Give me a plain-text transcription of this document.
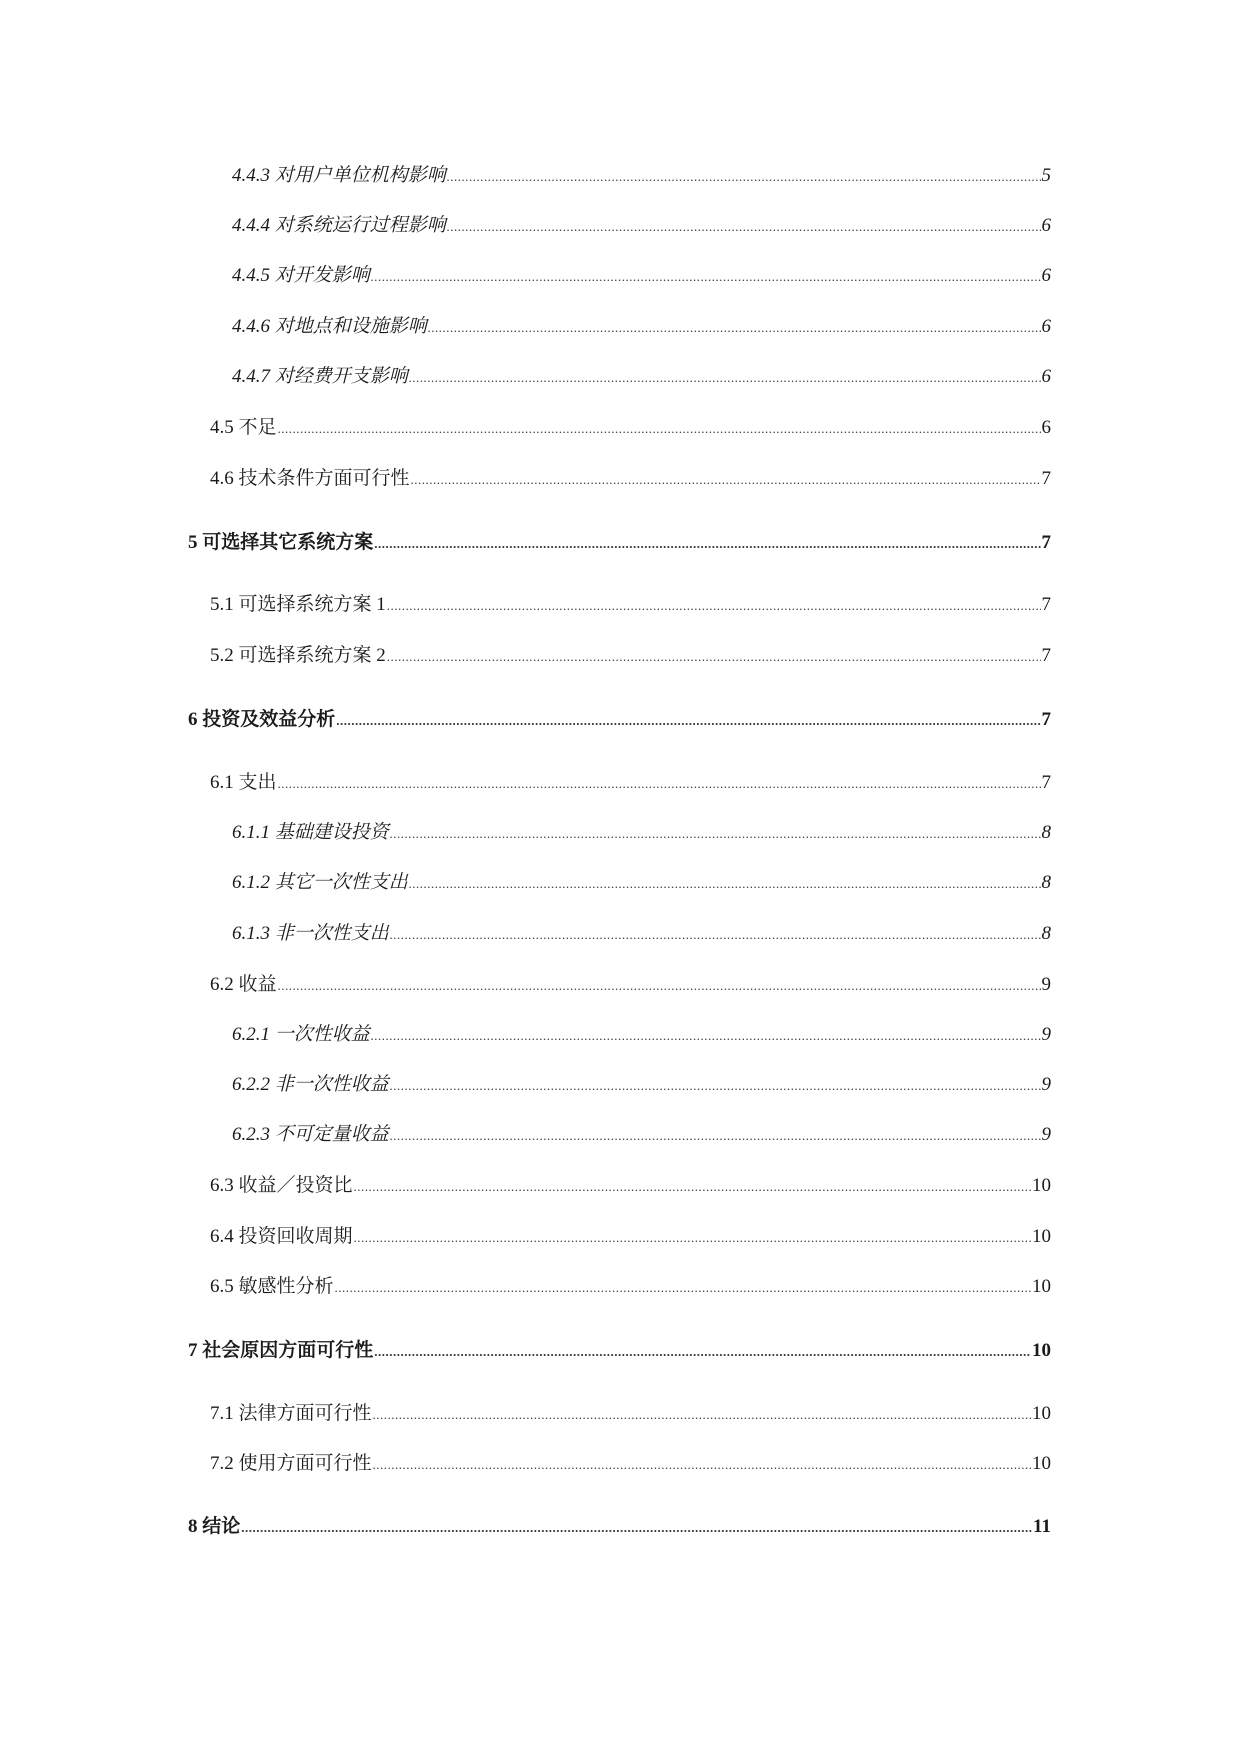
4.4.3 对用户单位机构影响 .....	5
4.4.4 对系统运行过程影响 .....	6
4.4.5 对开发影响 .....	6
4.4.6 对地点和设施影响 .....	6
4.4.7 对经费开支影响 .....	6
4.5 不足 .....	6
4.6 技术条件方面可行性 .....	7
5 可选择其它系统方案 .....	7
5.1 可选择系统方案 1 .....	7
5.2 可选择系统方案 2 .....	7
6 投资及效益分析 .....	7
6.1 支出 .....	7
6.1.1 基础建设投资 .....	8
6.1.2 其它一次性支出 .....	8
6.1.3 非一次性支出 .....	8
6.2 收益 .....	9
6.2.1 一次性收益 .....	9
6.2.2 非一次性收益 .....	9
6.2.3 不可定量收益 .....	9
6.3 收益／投资比 .....	10
6.4 投资回收周期 .....	10
6.5 敏感性分析 .....	10
7 社会原因方面可行性 .....	10
7.1 法律方面可行性 .....	10
7.2 使用方面可行性 .....	10
8 结论 .....	11
